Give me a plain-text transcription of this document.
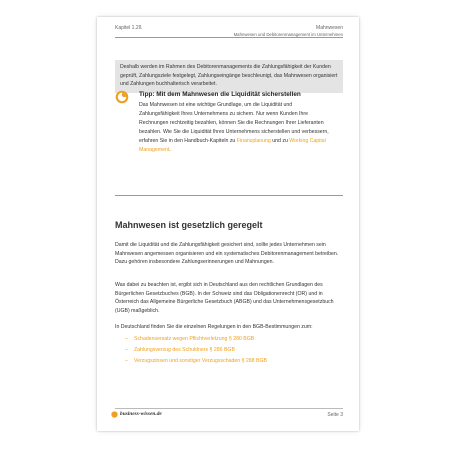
Kapitel 1.2ß	Mahnwesen
Mahnwesen und Debitorenmanagement im Unternehmen

Deshalb werden im Rahmen des Debitorenmanagements die Zahlungsfähigkeit der Kunden geprüft, Zahlungsziele festgelegt, Zahlungseingänge beschleunigt, das Mahnwesen organisiert und Zahlungen buchhalterisch verarbeitet.

Tipp: Mit dem Mahnwesen die Liquidität sicherstellen

Das Mahnwesen ist eine wichtige Grundlage, um die Liquidität und Zahlungsfähigkeit Ihres Unternehmens zu sichern. Nur wenn Kunden Ihre Rechnungen rechtzeitig bezahlen, können Sie die Rechnungen Ihrer Lieferanten bezahlen. Wie Sie die Liquidität Ihres Unternehmens sicherstellen und verbessern, erfahren Sie in den Handbuch-Kapiteln zu Finanzplanung und zu Working Capital Management.

Mahnwesen ist gesetzlich geregelt

Damit die Liquidität und die Zahlungsfähigkeit gesichert sind, sollte jedes Unternehmen sein Mahnwesen angemessen organisieren und ein systematisches Debitorenmanagement betreiben. Dazu gehören insbesondere Zahlungserinnerungen und Mahnungen.

Was dabei zu beachten ist, ergibt sich in Deutschland aus den rechtlichen Grundlagen des Bürgerlichen Gesetzbuches (BGB). In der Schweiz sind das Obligationenrecht (OR) und in Österreich das Allgemeine Bürgerliche Gesetzbuch (ABGB) und das Unternehmensgesetzbuch (UGB) maßgeblich.

In Deutschland finden Sie die einzelnen Regelungen in den BGB-Bestimmungen zum:

– Schadensersatz wegen Pflichtverletzung § 280 BGB
– Zahlungsverzug des Schuldners § 286 BGB
– Verzugszinsen und sonstiger Verzugsschaden § 288 BGB
business-wissen.de	Seite 3
